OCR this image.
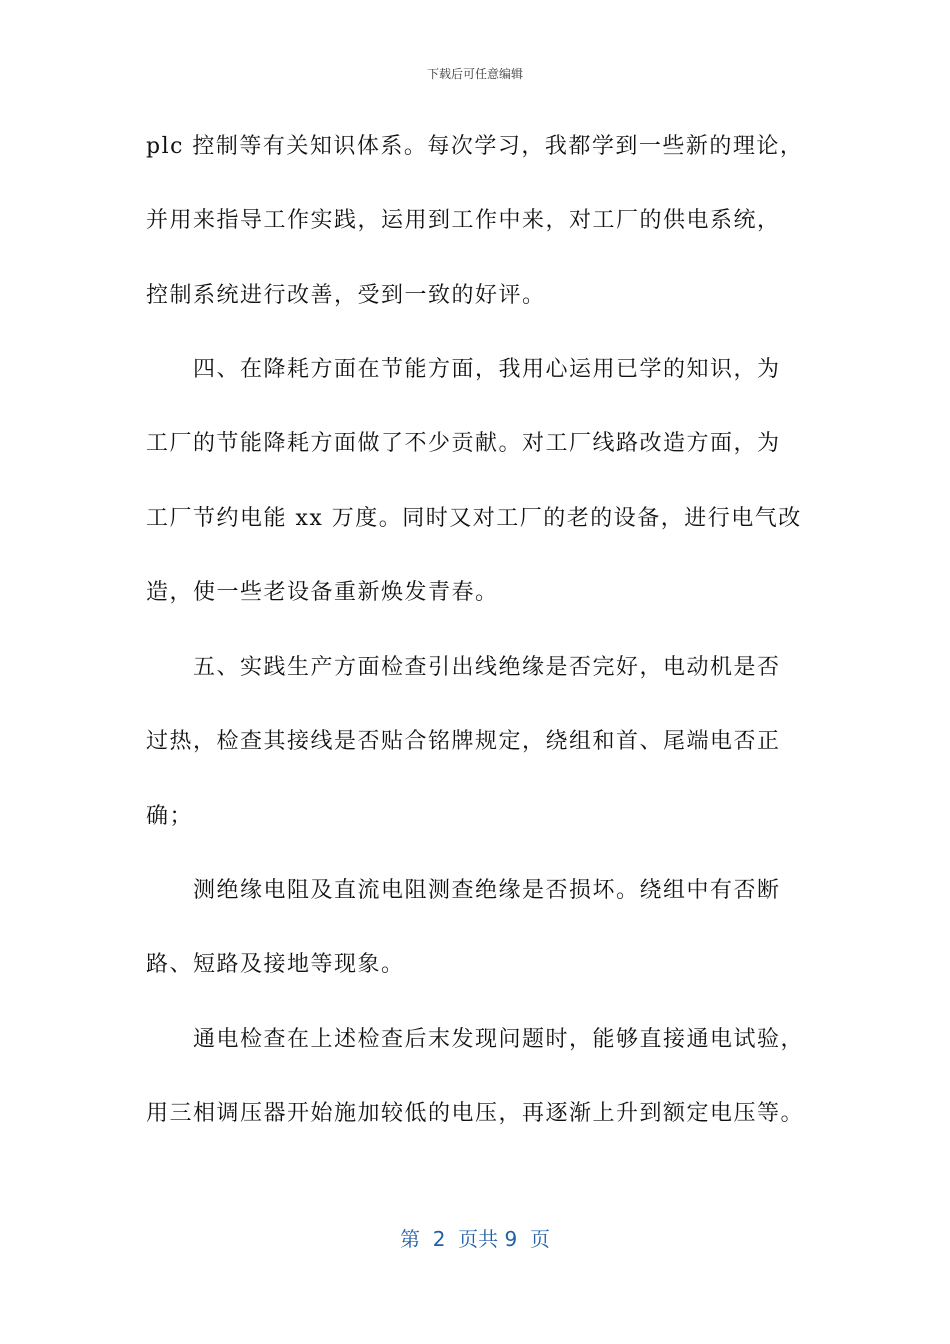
下载后可任意编辑
plc 控制等有关知识体系。每次学习，我都学到一些新的理论，
并用来指导工作实践，运用到工作中来，对工厂的供电系统，
控制系统进行改善，受到一致的好评。
四、在降耗方面在节能方面，我用心运用已学的知识，为
工厂的节能降耗方面做了不少贡献。对工厂线路改造方面，为
工厂节约电能 xx 万度。同时又对工厂的老的设备，进行电气改
造，使一些老设备重新焕发青春。
五、实践生产方面检查引出线绝缘是否完好，电动机是否
过热，检查其接线是否贴合铭牌规定，绕组和首、尾端电否正
确；
测绝缘电阻及直流电阻测查绝缘是否损坏。绕组中有否断
路、短路及接地等现象。
通电检查在上述检查后末发现问题时，能够直接通电试验，
用三相调压器开始施加较低的电压，再逐渐上升到额定电压等。
第  2  页共 9  页
